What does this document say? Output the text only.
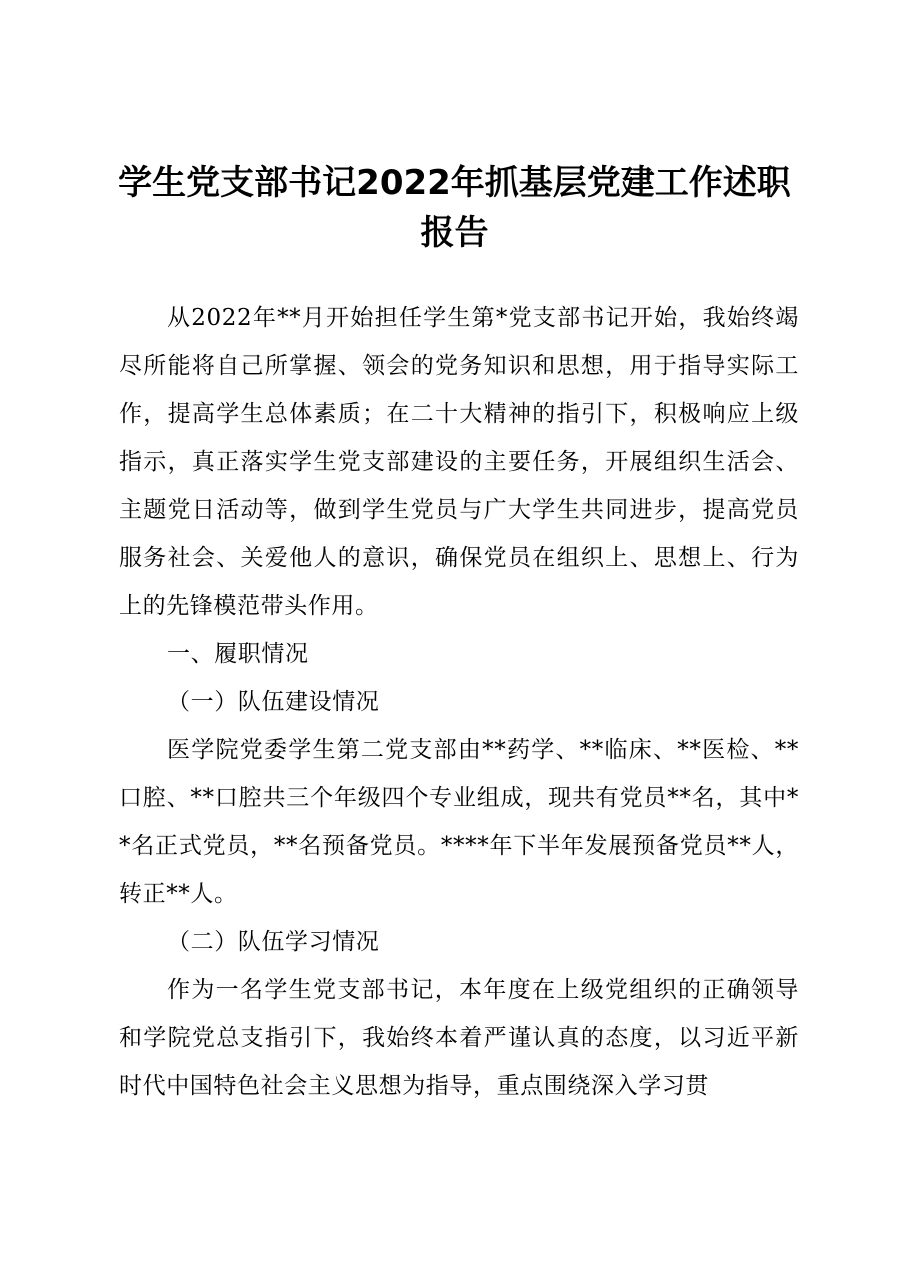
学生党支部书记2022年抓基层党建工作述职
报告

从2022年**月开始担任学生第*党支部书记开始，我始终竭尽所能将自己所掌握、领会的党务知识和思想，用于指导实际工作，提高学生总体素质；在二十大精神的指引下，积极响应上级指示，真正落实学生党支部建设的主要任务，开展组织生活会、主题党日活动等，做到学生党员与广大学生共同进步，提高党员服务社会、关爱他人的意识，确保党员在组织上、思想上、行为上的先锋模范带头作用。

一、履职情况

（一）队伍建设情况

医学院党委学生第二党支部由**药学、**临床、**医检、**口腔、**口腔共三个年级四个专业组成，现共有党员**名，其中**名正式党员，**名预备党员。****年下半年发展预备党员**人，转正**人。

（二）队伍学习情况

作为一名学生党支部书记，本年度在上级党组织的正确领导和学院党总支指引下，我始终本着严谨认真的态度，以习近平新时代中国特色社会主义思想为指导，重点围绕深入学习贯
